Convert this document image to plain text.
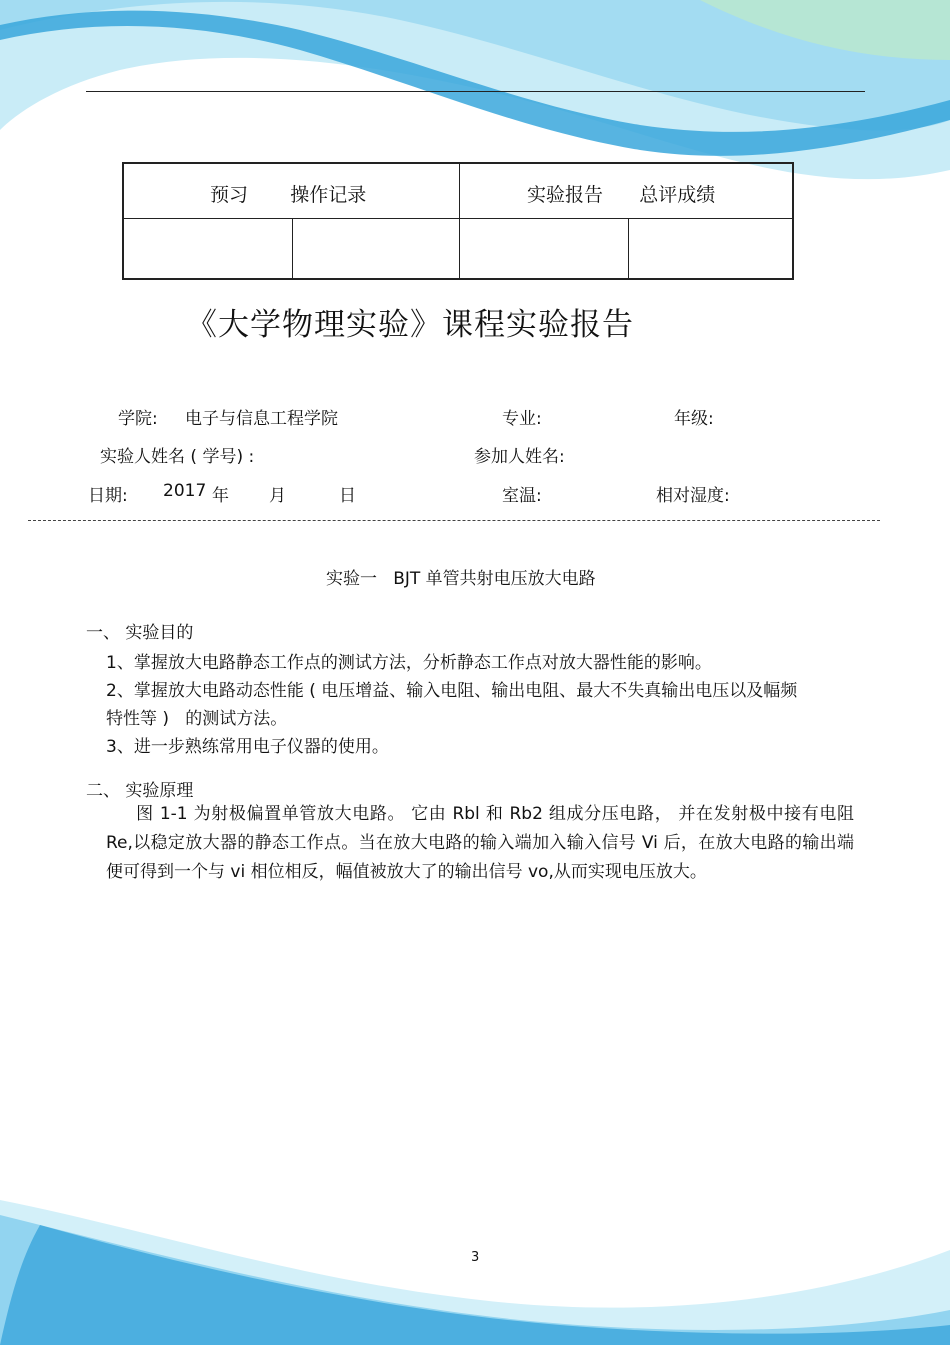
预习       操作记录	实验报告      总评成绩
《大学物理实验》课程实验报告
学院: 电子与信息工程学院	专业:	年级:
实验人姓名 ( 学号) :	参加人姓名:
日期: 2017 年 月	日	室温:	相对湿度:
实验一   BJT 单管共射电压放大电路
一、 实验目的
1、掌握放大电路静态工作点的测试方法，分析静态工作点对放大器性能的影响。
2、掌握放大电路动态性能 ( 电压增益、输入电阻、输出电阻、最大不失真输出电压以及幅频
特性等 )   的测试方法。
3、进一步熟练常用电子仪器的使用。
二、 实验原理
图 1-1 为射极偏置单管放大电路。 它由 Rbl 和 Rb2 组成分压电路， 并在发射极中接有电阻 Re,以稳定放大器的静态工作点。当在放大电路的输入端加入输入信号 Vi 后，在放大电路的输出端便可得到一个与 vi 相位相反，幅值被放大了的输出信号 vo,从而实现电压放大。
3
